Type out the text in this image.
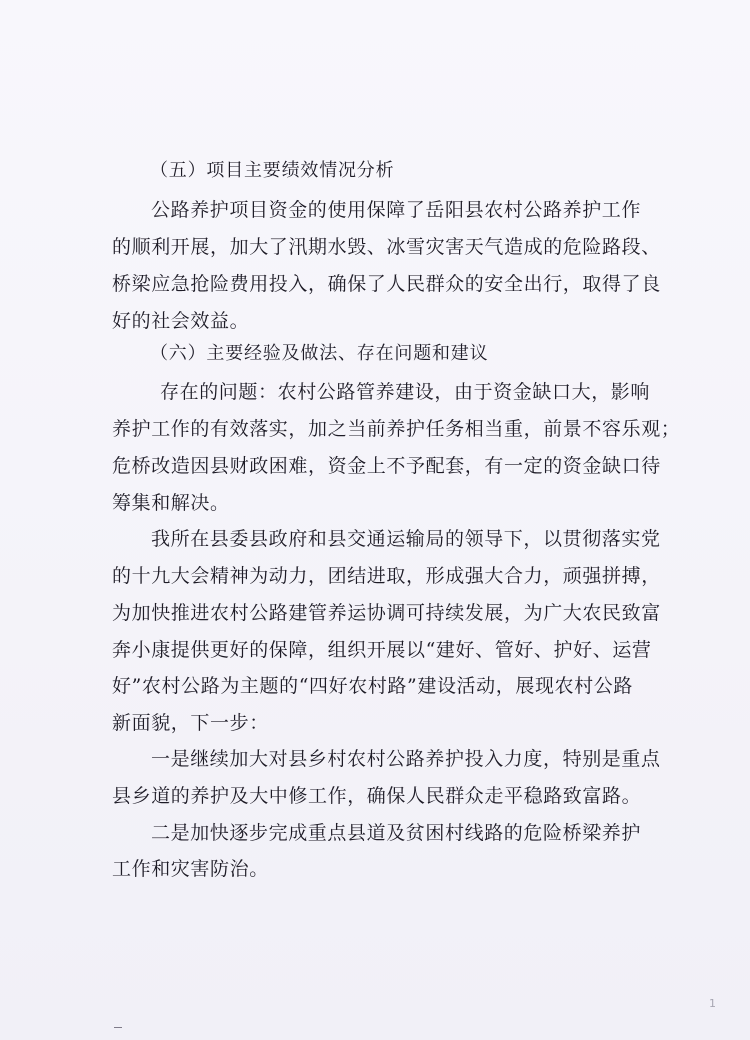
（五）项目主要绩效情况分析
公路养护项目资金的使用保障了岳阳县农村公路养护工作
的顺利开展，加大了汛期水毁、冰雪灾害天气造成的危险路段、
桥梁应急抢险费用投入，确保了人民群众的安全出行，取得了良
好的社会效益。
（六）主要经验及做法、存在问题和建议
存在的问题：农村公路管养建设，由于资金缺口大，影响
养护工作的有效落实，加之当前养护任务相当重，前景不容乐观；
危桥改造因县财政困难，资金上不予配套，有一定的资金缺口待
筹集和解决。
我所在县委县政府和县交通运输局的领导下，以贯彻落实党
的十九大会精神为动力，团结进取，形成强大合力，顽强拼搏，
为加快推进农村公路建管养运协调可持续发展，为广大农民致富
奔小康提供更好的保障，组织开展以“建好、管好、护好、运营
好”农村公路为主题的“四好农村路”建设活动，展现农村公路
新面貌，下一步：
一是继续加大对县乡村农村公路养护投入力度，特别是重点
县乡道的养护及大中修工作，确保人民群众走平稳路致富路。
二是加快逐步完成重点县道及贫困村线路的危险桥梁养护
工作和灾害防治。
1
